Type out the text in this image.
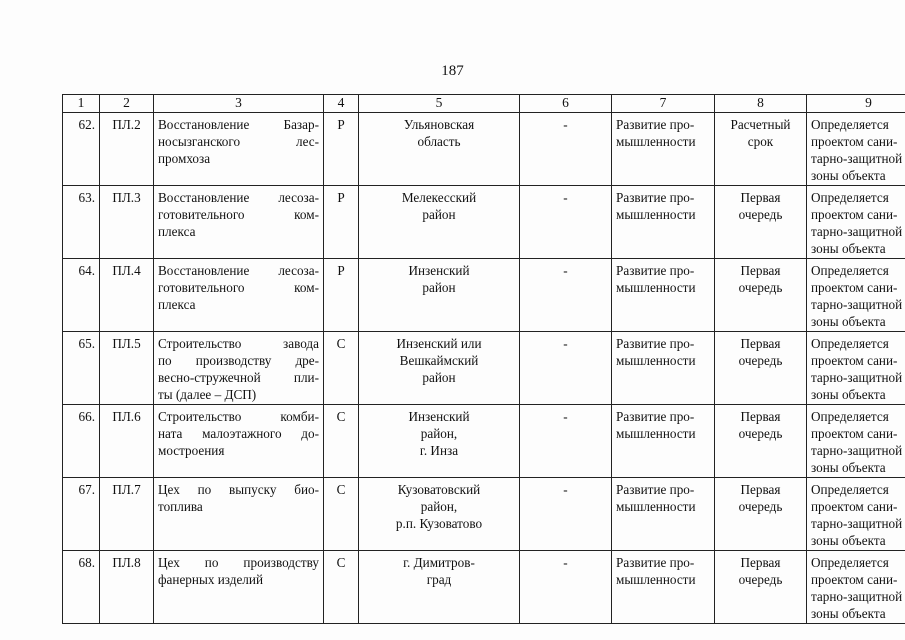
187
1	2	3	4	5	6	7	8	9
62.	ПЛ.2	Восстановление Базар-
носызганского лес-
промхоза	Р	Ульяновская
область	-	Развитие про-
мышленности	Расчетный
срок	Определяется
проектом сани-
тарно-защитной
зоны объекта

63.	ПЛ.3	Восстановление лесоза-
готовительного ком-
плекса	Р	Мелекесский
район	-	Развитие про-
мышленности	Первая
очередь	Определяется
проектом сани-
тарно-защитной
зоны объекта

64.	ПЛ.4	Восстановление лесоза-
готовительного ком-
плекса	Р	Инзенский
район	-	Развитие про-
мышленности	Первая
очередь	Определяется
проектом сани-
тарно-защитной
зоны объекта

65.	ПЛ.5	Строительство завода
по производству дре-
весно-стружечной пли-
ты (далее – ДСП)	С	Инзенский или
Вешкаймский
район	-	Развитие про-
мышленности	Первая
очередь	Определяется
проектом сани-
тарно-защитной
зоны объекта

66.	ПЛ.6	Строительство комби-
ната малоэтажного до-
мостроения	С	Инзенский
район,
г. Инза	-	Развитие про-
мышленности	Первая
очередь	Определяется
проектом сани-
тарно-защитной
зоны объекта

67.	ПЛ.7	Цех по выпуску био-
топлива	С	Кузоватовский
район,
р.п. Кузоватово	-	Развитие про-
мышленности	Первая
очередь	Определяется
проектом сани-
тарно-защитной
зоны объекта

68.	ПЛ.8	Цех по производству
фанерных изделий	С	г. Димитров-
град	-	Развитие про-
мышленности	Первая
очередь	Определяется
проектом сани-
тарно-защитной
зоны объекта
